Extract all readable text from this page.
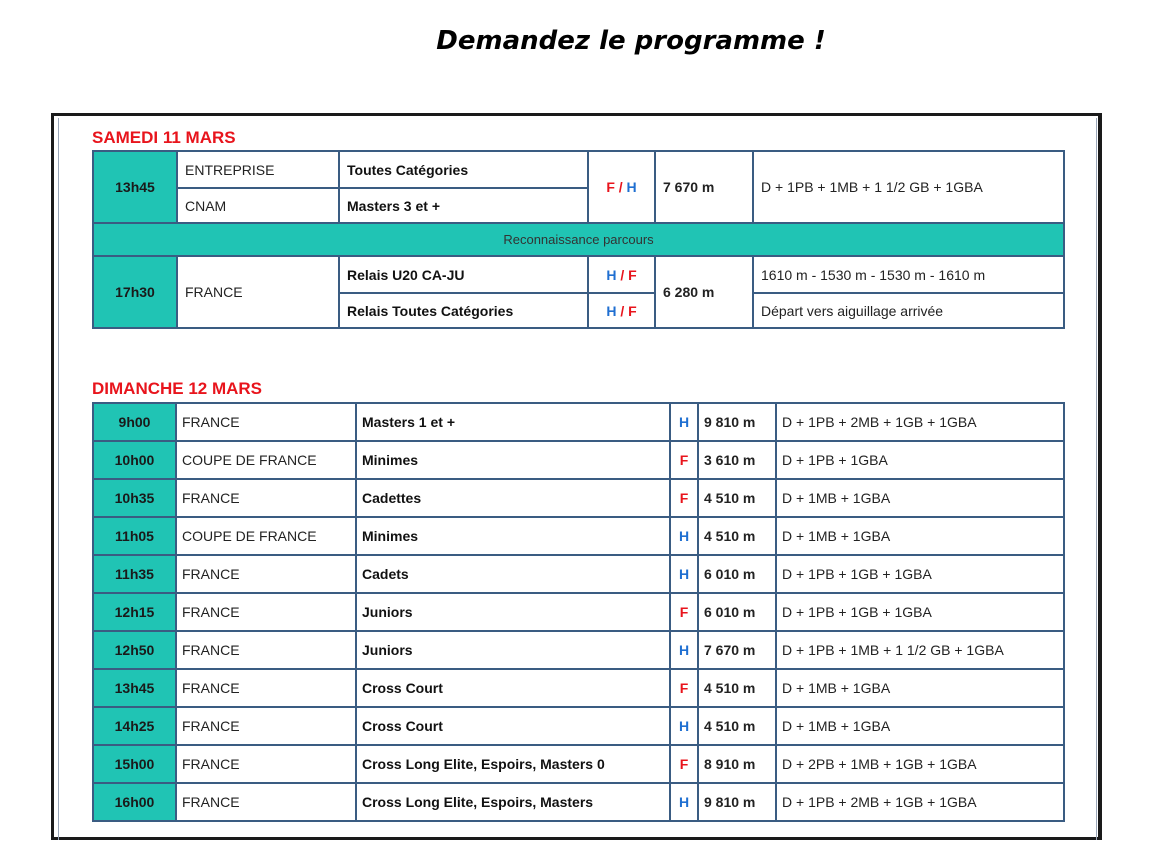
Demandez le programme !
SAMEDI 11 MARS
13h45	ENTREPRISE	Toutes Catégories	F / H	7 670 m	D + 1PB + 1MB + 1 1/2 GB + 1GBA
	CNAM	Masters 3 et +			
Reconnaissance parcours					
17h30	FRANCE	Relais U20 CA-JU	H / F	6 280 m	1610 m - 1530 m - 1530 m - 1610 m
		Relais Toutes Catégories	H / F		Départ vers aiguillage arrivée
DIMANCHE 12 MARS
9h00	FRANCE	Masters 1 et +	H	9 810 m	D + 1PB + 2MB + 1GB + 1GBA
10h00	COUPE DE FRANCE	Minimes	F	3 610 m	D + 1PB + 1GBA
10h35	FRANCE	Cadettes	F	4 510 m	D + 1MB + 1GBA
11h05	COUPE DE FRANCE	Minimes	H	4 510 m	D + 1MB + 1GBA
11h35	FRANCE	Cadets	H	6 010 m	D + 1PB + 1GB + 1GBA
12h15	FRANCE	Juniors	F	6 010 m	D + 1PB + 1GB + 1GBA
12h50	FRANCE	Juniors	H	7 670 m	D + 1PB + 1MB + 1 1/2 GB + 1GBA
13h45	FRANCE	Cross Court	F	4 510 m	D + 1MB + 1GBA
14h25	FRANCE	Cross Court	H	4 510 m	D + 1MB + 1GBA
15h00	FRANCE	Cross Long Elite, Espoirs, Masters 0	F	8 910 m	D + 2PB + 1MB + 1GB + 1GBA
16h00	FRANCE	Cross Long Elite, Espoirs, Masters	H	9 810 m	D + 1PB + 2MB + 1GB + 1GBA
